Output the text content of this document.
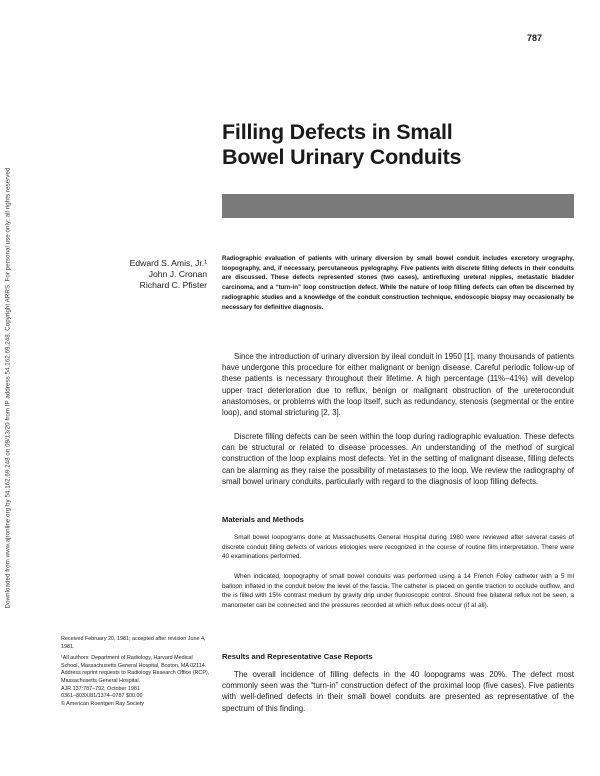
Downloaded from www.ajronline.org by 54.162.69.248 on 09/13/20 from IP address 54.162.69.248. Copyright ARRS. For personal use only; all rights reserved
787
Filling Defects in Small
Bowel Urinary Conduits
Edward S. Amis, Jr.¹
John J. Cronan
Richard C. Pfister

Radiographic evaluation of patients with urinary diversion by small bowel conduit includes excretory urography, loopography, and, if necessary, percutaneous pyelography. Five patients with discrete filling defects in their conduits are discussed. These defects represented stones (two cases), antirefluxing ureteral nipples, metastatic bladder carcinoma, and a “turn-in” loop construction defect. While the nature of loop filling defects can often be discerned by radiographic studies and a knowledge of the conduit construction technique, endoscopic biopsy may occasionally be necessary for definitive diagnosis.

Since the introduction of urinary diversion by ileal conduit in 1950 [1], many thousands of patients have undergone this procedure for either malignant or benign disease. Careful periodic follow-up of these patients is necessary throughout their lifetime. A high percentage (11%–41%) will develop upper tract deterioration due to reflux, benign or malignant obstruction of the ureteroconduit anastomoses, or problems with the loop itself, such as redundancy, stenosis (segmental or the entire loop), and stomal stricturing [2, 3].

Discrete filling defects can be seen within the loop during radiographic evaluation. These defects can be structural or related to disease processes. An understanding of the method of surgical construction of the loop explains most defects. Yet in the setting of malignant disease, filling defects can be alarming as they raise the possibility of metastases to the loop. We review the radiography of small bowel urinary conduits, particularly with regard to the diagnosis of loop filling defects.

Materials and Methods

Small bowel loopograms done at Massachusetts General Hospital during 1980 were reviewed after several cases of discrete conduit filling defects of various etiologies were recognized in the course of routine film interpretation. There were 40 examinations performed.

When indicated, loopography of small bowel conduits was performed using a 14 French Foley catheter with a 5 ml balloon inflated in the conduit below the level of the fascia. The catheter is placed on gentle traction to occlude outflow, and the is filled with 15% contrast medium by gravity drip under fluoroscopic control. Should free bilateral reflux not be seen, a manometer can be connected and the pressures recorded at which reflux does occur (if at all).

Results and Representative Case Reports

The overall incidence of filling defects in the 40 loopograms was 20%. The defect most commonly seen was the “turn-in” construction defect of the proximal loop (five cases). Five patients with well-defined defects in their small bowel conduits are presented as representative of the spectrum of this finding.

Received February 20, 1981; accepted after revision June 4, 1981.
¹All authors: Department of Radiology, Harvard Medical School, Massachusetts General Hospital, Boston, MA 02114. Address reprint requests to Radiology Research Office (RCP), Massachusetts General Hospital.
AJR 137:787–792, October 1981
0361–803X/81/1374–0787 $00.00
© American Roentgen Ray Society
